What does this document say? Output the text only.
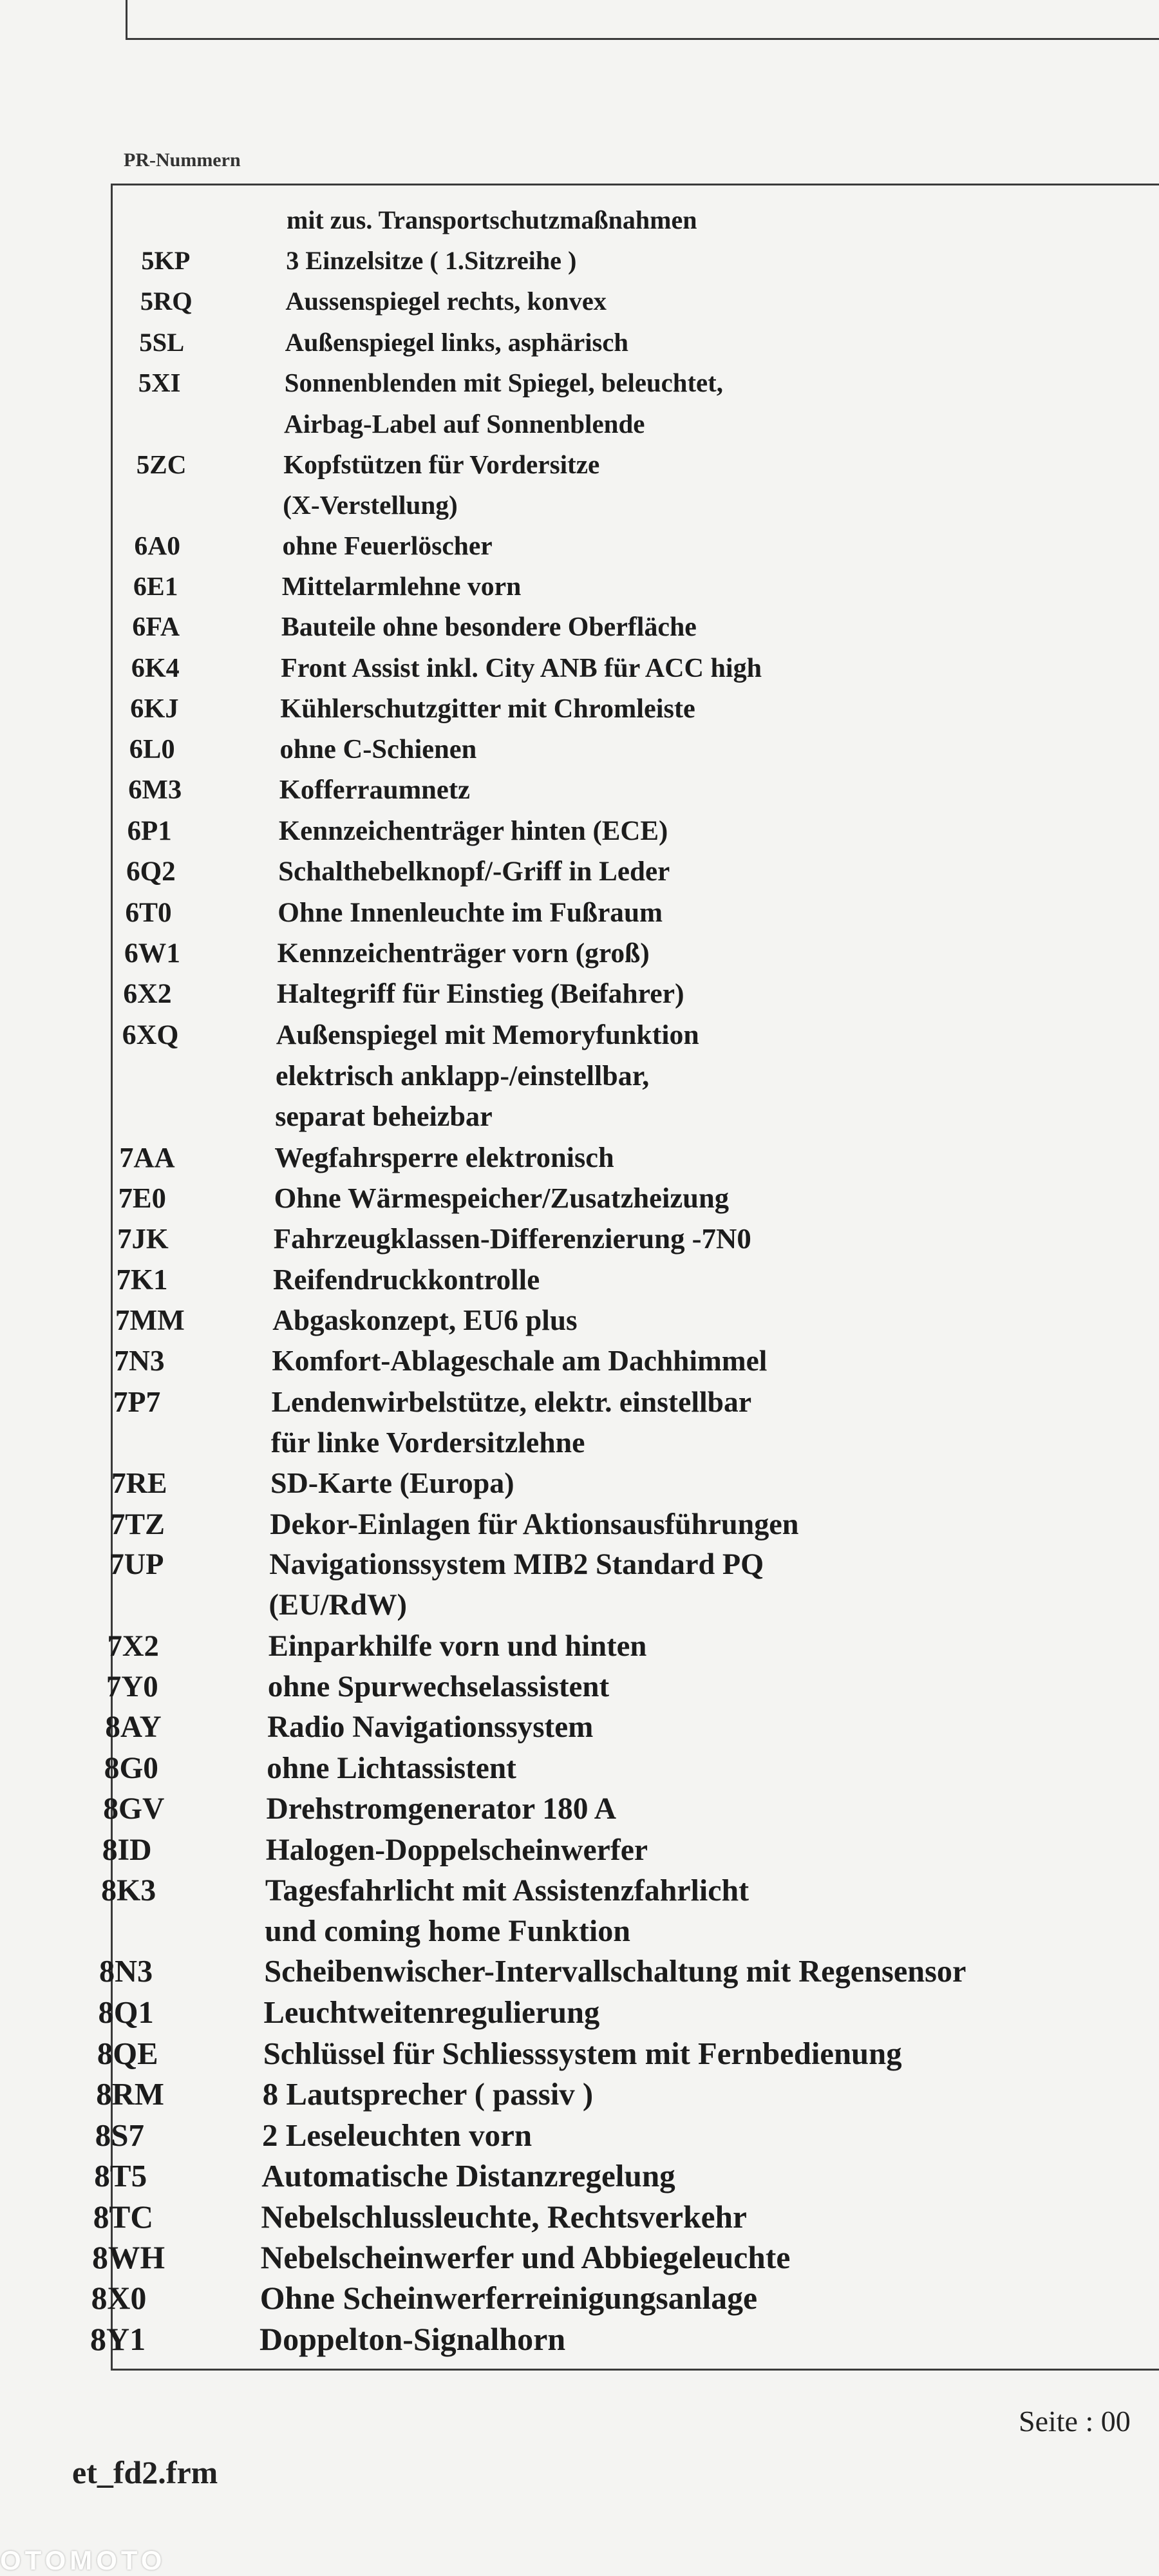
PR-Nummern
mit zus. Transportschutzmaßnahmen
5KP	3 Einzelsitze ( 1.Sitzreihe )
5RQ	Aussenspiegel rechts, konvex
5SL	Außenspiegel links, asphärisch
5XI	Sonnenblenden mit Spiegel, beleuchtet,
Airbag-Label auf Sonnenblende
5ZC	Kopfstützen für Vordersitze
(X-Verstellung)
6A0	ohne Feuerlöscher
6E1	Mittelarmlehne vorn
6FA	Bauteile ohne besondere Oberfläche
6K4	Front Assist inkl. City ANB für ACC high
6KJ	Kühlerschutzgitter mit Chromleiste
6L0	ohne C-Schienen
6M3	Kofferraumnetz
6P1	Kennzeichenträger hinten (ECE)
6Q2	Schalthebelknopf/-Griff in Leder
6T0	Ohne Innenleuchte im Fußraum
6W1	Kennzeichenträger vorn (groß)
6X2	Haltegriff für Einstieg (Beifahrer)
6XQ	Außenspiegel mit Memoryfunktion
elektrisch anklapp-/einstellbar,
separat beheizbar
7AA	Wegfahrsperre elektronisch
7E0	Ohne Wärmespeicher/Zusatzheizung
7JK	Fahrzeugklassen-Differenzierung -7N0
7K1	Reifendruckkontrolle
7MM	Abgaskonzept, EU6 plus
7N3	Komfort-Ablageschale am Dachhimmel
7P7	Lendenwirbelstütze, elektr. einstellbar
für linke Vordersitzlehne
7RE	SD-Karte (Europa)
7TZ	Dekor-Einlagen für Aktionsausführungen
7UP	Navigationssystem MIB2 Standard PQ
(EU/RdW)
7X2	Einparkhilfe vorn und hinten
7Y0	ohne Spurwechselassistent
8AY	Radio Navigationssystem
8G0	ohne Lichtassistent
8GV	Drehstromgenerator 180 A
8ID	Halogen-Doppelscheinwerfer
8K3	Tagesfahrlicht mit Assistenzfahrlicht
und coming home Funktion
8N3	Scheibenwischer-Intervallschaltung mit Regensensor
8Q1	Leuchtweitenregulierung
8QE	Schlüssel für Schliesssystem mit Fernbedienung
8RM	8 Lautsprecher ( passiv )
8S7	2 Leseleuchten vorn
8T5	Automatische Distanzregelung
8TC	Nebelschlussleuchte, Rechtsverkehr
8WH	Nebelscheinwerfer und Abbiegeleuchte
8X0	Ohne Scheinwerferreinigungsanlage
8Y1	Doppelton-Signalhorn
Seite : 00
et_fd2.frm
OTOMOTO
